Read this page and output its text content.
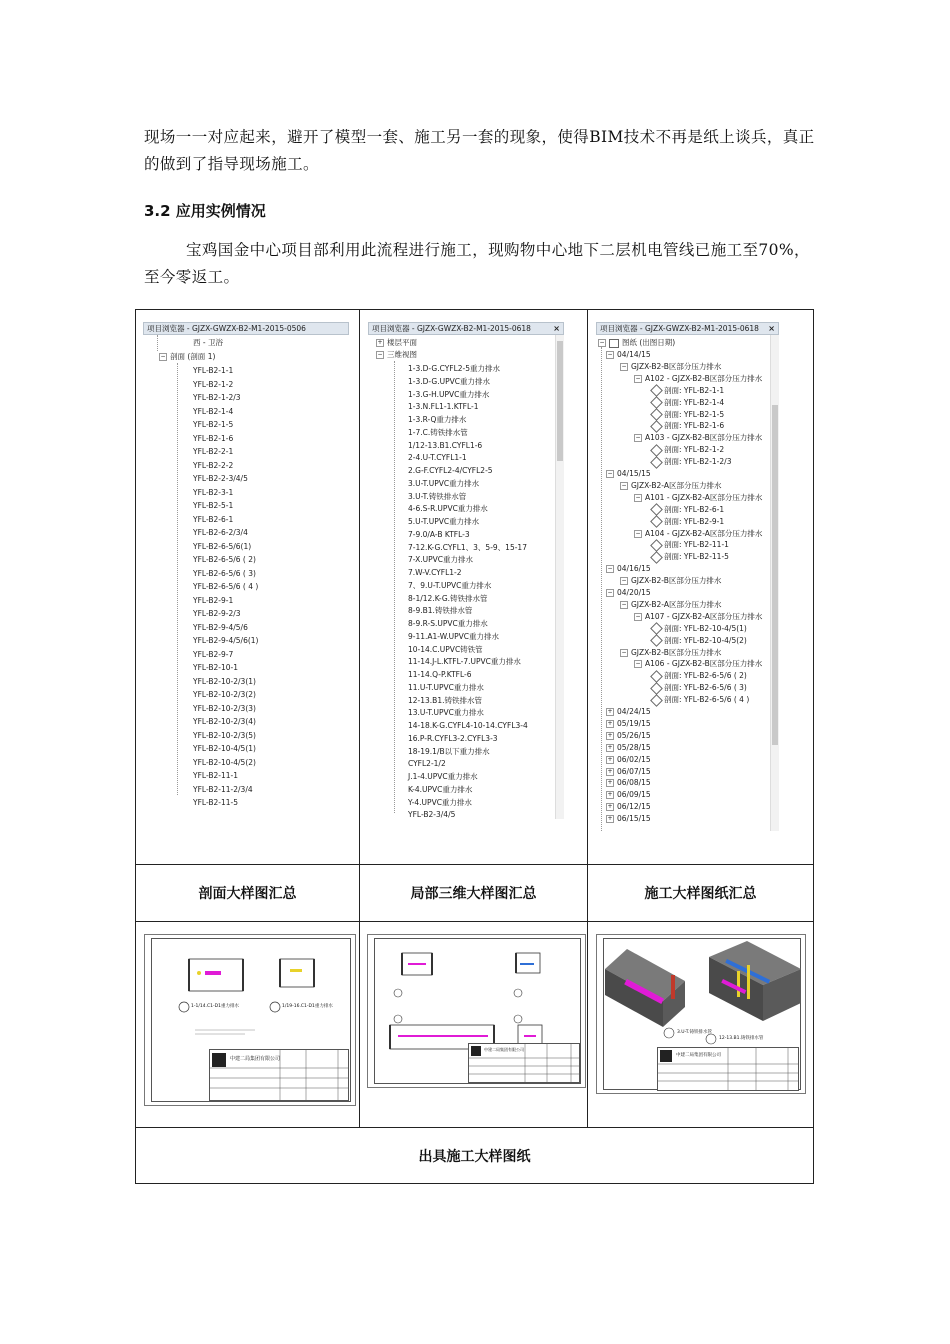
现场一一对应起来，避开了模型一套、施工另一套的现象，使得BIM技术不再是纸上谈兵，真正的做到了指导现场施工。
3.2 应用实例情况
宝鸡国金中心项目部利用此流程进行施工，现购物中心地下二层机电管线已施工至70%，至今零返工。
项目浏览器 - GJZX-GWZX-B2-M1-2015-0506
西 - 卫浴
− 剖面 (剖面 1)
YFL-B2-1-1
YFL-B2-1-2
YFL-B2-1-2/3
YFL-B2-1-4
YFL-B2-1-5
YFL-B2-1-6
YFL-B2-2-1
YFL-B2-2-2
YFL-B2-2-3/4/5
YFL-B2-3-1
YFL-B2-5-1
YFL-B2-6-1
YFL-B2-6-2/3/4
YFL-B2-6-5/6(1)
YFL-B2-6-5/6 ( 2)
YFL-B2-6-5/6 ( 3)
YFL-B2-6-5/6 ( 4 )
YFL-B2-9-1
YFL-B2-9-2/3
YFL-B2-9-4/5/6
YFL-B2-9-4/5/6(1)
YFL-B2-9-7
YFL-B2-10-1
YFL-B2-10-2/3(1)
YFL-B2-10-2/3(2)
YFL-B2-10-2/3(3)
YFL-B2-10-2/3(4)
YFL-B2-10-2/3(5)
YFL-B2-10-4/5(1)
YFL-B2-10-4/5(2)
YFL-B2-11-1
YFL-B2-11-2/3/4
YFL-B2-11-5
项目浏览器 - GJZX-GWZX-B2-M1-2015-0618	×
+ 楼层平面
− 三维视图
1-3.D-G.CYFL2-5重力排水
1-3.D-G.UPVC重力排水
1-3.G-H.UPVC重力排水
1-3.N.FL1-1.KTFL-1
1-3.R-Q重力排水
1-7.C.铸铁排水管
1/12-13.B1.CYFL1-6
2-4.U-T.CYFL1-1
2.G-F.CYFL2-4/CYFL2-5
3.U-T.UPVC重力排水
3.U-T.铸铁排水管
4-6.S-R.UPVC重力排水
5.U-T.UPVC重力排水
7-9.0/A-B KTFL-3
7-12.K-G.CYFL1、3、5-9、15-17
7-X.UPVC重力排水
7.W-V.CYFL1-2
7、9.U-T.UPVC重力排水
8-1/12.K-G.铸铁排水管
8-9.B1.铸铁排水管
8-9.R-S.UPVC重力排水
9-11.A1-W.UPVC重力排水
10-14.C.UPVC铸铁管
11-14.J-L.KTFL-7.UPVC重力排水
11-14.Q-P.KTFL-6
11.U-T.UPVC重力排水
12-13.B1.铸铁排水管
13.U-T.UPVC重力排水
14-18.K-G.CYFL4-10-14.CYFL3-4
16.P-R.CYFL3-2.CYFL3-3
18-19.1/B以下重力排水
CYFL2-1/2
J.1-4.UPVC重力排水
K-4.UPVC重力排水
Y-4.UPVC重力排水
YFL-B2-3/4/5
项目浏览器 - GJZX-GWZX-B2-M1-2015-0618 ×
− 图纸 (出图日期)
− 04/14/15
− GJZX-B2-B区部分压力排水
− A102 - GJZX-B2-B区部分压力排水
剖面: YFL-B2-1-1
剖面: YFL-B2-1-4
剖面: YFL-B2-1-5
剖面: YFL-B2-1-6
− A103 - GJZX-B2-B区部分压力排水
剖面: YFL-B2-1-2
剖面: YFL-B2-1-2/3
− 04/15/15
− GJZX-B2-A区部分压力排水
− A101 - GJZX-B2-A区部分压力排水
剖面: YFL-B2-6-1
剖面: YFL-B2-9-1
− A104 - GJZX-B2-A区部分压力排水
剖面: YFL-B2-11-1
剖面: YFL-B2-11-5
− 04/16/15
− GJZX-B2-B区部分压力排水
− 04/20/15
− GJZX-B2-A区部分压力排水
− A107 - GJZX-B2-A区部分压力排水
剖面: YFL-B2-10-4/5(1)
剖面: YFL-B2-10-4/5(2)
− GJZX-B2-B区部分压力排水
− A106 - GJZX-B2-B区部分压力排水
剖面: YFL-B2-6-5/6 ( 2)
剖面: YFL-B2-6-5/6 ( 3)
剖面: YFL-B2-6-5/6 ( 4 )
+ 04/24/15
+ 05/19/15
+ 05/26/15
+ 05/28/15
+ 06/02/15
+ 06/07/15
+ 06/08/15
+ 06/09/15
+ 06/12/15
+ 06/15/15
剖面大样图汇总	局部三维大样图汇总	施工大样图纸汇总
出具施工大样图纸
1-1/14.C1-D1重力排水	1/19-16.C1-D1重力排水
中建二局集团有限公司
中建二局集团有限公司
3.U-T.铸铁排水管
12-13.B1.铸铁排水管
中建二局集团有限公司
